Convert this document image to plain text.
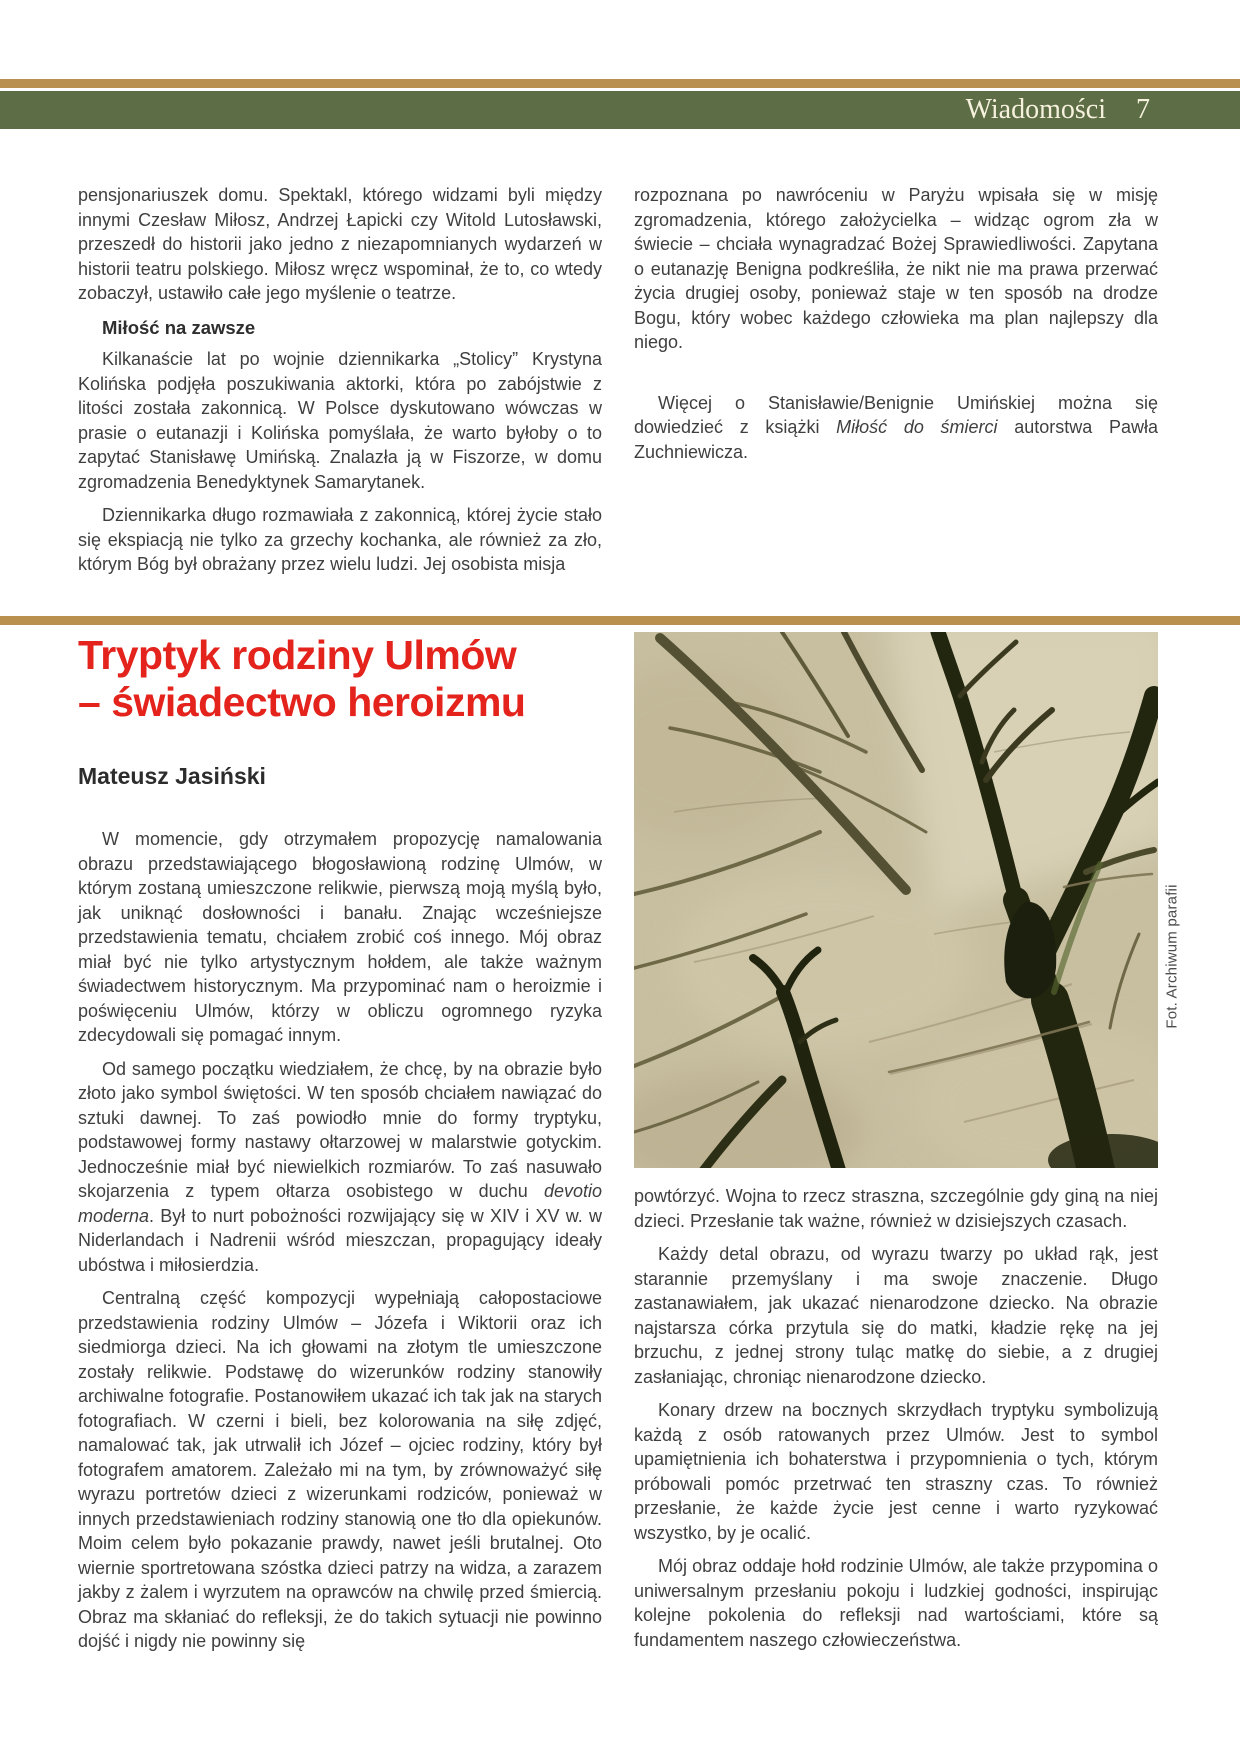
Wiadomości 7

pensjonariuszek domu. Spektakl, którego widzami byli między innymi Czesław Miłosz, Andrzej Łapicki czy Witold Lutosławski, przeszedł do historii jako jedno z niezapomnianych wydarzeń w historii teatru polskiego. Miłosz wręcz wspominał, że to, co wtedy zobaczył, ustawiło całe jego myślenie o teatrze.

Miłość na zawsze

Kilkanaście lat po wojnie dziennikarka „Stolicy” Krystyna Kolińska podjęła poszukiwania aktorki, która po zabójstwie z litości została zakonnicą. W Polsce dyskutowano wówczas w prasie o eutanazji i Kolińska pomyślała, że warto byłoby o to zapytać Stanisławę Umińską. Znalazła ją w Fiszorze, w domu zgromadzenia Benedyktynek Samarytanek.

Dziennikarka długo rozmawiała z zakonnicą, której życie stało się ekspiacją nie tylko za grzechy kochanka, ale również za zło, którym Bóg był obrażany przez wielu ludzi. Jej osobista misja

rozpoznana po nawróceniu w Paryżu wpisała się w misję zgromadzenia, którego założycielka – widząc ogrom zła w świecie – chciała wynagradzać Bożej Sprawiedliwości. Zapytana o eutanazję Benigna podkreśliła, że nikt nie ma prawa przerwać życia drugiej osoby, ponieważ staje w ten sposób na drodze Bogu, który wobec każdego człowieka ma plan najlepszy dla niego.

Więcej o Stanisławie/Benignie Umińskiej można się dowiedzieć z książki Miłość do śmierci autorstwa Pawła Zuchniewicza.

Tryptyk rodziny Ulmów
– świadectwo heroizmu
Mateusz Jasiński

W momencie, gdy otrzymałem propozycję namalowania obrazu przedstawiającego błogosławioną rodzinę Ulmów, w którym zostaną umieszczone relikwie, pierwszą moją myślą było, jak uniknąć dosłowności i banału. Znając wcześniejsze przedstawienia tematu, chciałem zrobić coś innego. Mój obraz miał być nie tylko artystycznym hołdem, ale także ważnym świadectwem historycznym. Ma przypominać nam o heroizmie i poświęceniu Ulmów, którzy w obliczu ogromnego ryzyka zdecydowali się pomagać innym.

Od samego początku wiedziałem, że chcę, by na obrazie było złoto jako symbol świętości. W ten sposób chciałem nawiązać do sztuki dawnej. To zaś powiodło mnie do formy tryptyku, podstawowej formy nastawy ołtarzowej w malarstwie gotyckim. Jednocześnie miał być niewielkich rozmiarów. To zaś nasuwało skojarzenia z typem ołtarza osobistego w duchu devotio moderna. Był to nurt pobożności rozwijający się w XIV i XV w. w Niderlandach i Nadrenii wśród mieszczan, propagujący ideały ubóstwa i miłosierdzia.

Centralną część kompozycji wypełniają całopostaciowe przedstawienia rodziny Ulmów – Józefa i Wiktorii oraz ich siedmiorga dzieci. Na ich głowami na złotym tle umieszczone zostały relikwie. Podstawę do wizerunków rodziny stanowiły archiwalne fotografie. Postanowiłem ukazać ich tak jak na starych fotografiach. W czerni i bieli, bez kolorowania na siłę zdjęć, namalować tak, jak utrwalił ich Józef – ojciec rodziny, który był fotografem amatorem. Zależało mi na tym, by zrównoważyć siłę wyrazu portretów dzieci z wizerunkami rodziców, ponieważ w innych przedstawieniach rodziny stanowią one tło dla opiekunów. Moim celem było pokazanie prawdy, nawet jeśli brutalnej. Oto wiernie sportretowana szóstka dzieci patrzy na widza, a zarazem jakby z żalem i wyrzutem na oprawców na chwilę przed śmiercią. Obraz ma skłaniać do refleksji, że do takich sytuacji nie powinno dojść i nigdy nie powinny się

Fot. Archiwum parafii

powtórzyć. Wojna to rzecz straszna, szczególnie gdy giną na niej dzieci. Przesłanie tak ważne, również w dzisiejszych czasach.

Każdy detal obrazu, od wyrazu twarzy po układ rąk, jest starannie przemyślany i ma swoje znaczenie. Długo zastanawiałem, jak ukazać nienarodzone dziecko. Na obrazie najstarsza córka przytula się do matki, kładzie rękę na jej brzuchu, z jednej strony tuląc matkę do siebie, a z drugiej zasłaniając, chroniąc nienarodzone dziecko.

Konary drzew na bocznych skrzydłach tryptyku symbolizują każdą z osób ratowanych przez Ulmów. Jest to symbol upamiętnienia ich bohaterstwa i przypomnienia o tych, którym próbowali pomóc przetrwać ten straszny czas. To również przesłanie, że każde życie jest cenne i warto ryzykować wszystko, by je ocalić.

Mój obraz oddaje hołd rodzinie Ulmów, ale także przypomina o uniwersalnym przesłaniu pokoju i ludzkiej godności, inspirując kolejne pokolenia do refleksji nad wartościami, które są fundamentem naszego człowieczeństwa.
